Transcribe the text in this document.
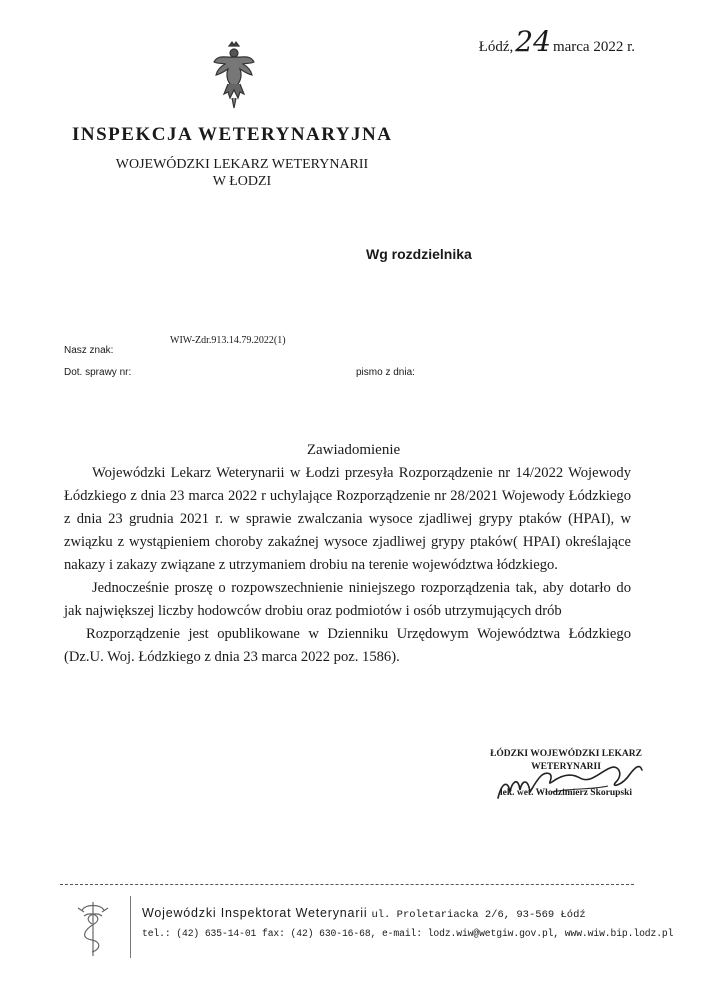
Łódź,24 marca 2022 r.
INSPEKCJA WETERYNARYJNA
WOJEWÓDZKI LEKARZ WETERYNARII
W ŁODZI
Wg rozdzielnika
Nasz znak:
WIW-Zdr.913.14.79.2022(1)
Dot. sprawy nr:	pismo z dnia:
Zawiadomienie

Wojewódzki Lekarz Weterynarii w Łodzi przesyła Rozporządzenie nr 14/2022 Wojewody Łódzkiego z dnia 23 marca 2022 r uchylające Rozporządzenie nr 28/2021 Wojewody Łódzkiego z dnia 23 grudnia 2021 r. w sprawie zwalczania wysoce zjadliwej grypy ptaków (HPAI), w związku z wystąpieniem choroby zakaźnej wysoce zjadliwej grypy ptaków( HPAI) określające nakazy i zakazy związane z utrzymaniem drobiu na terenie województwa łódzkiego.

Jednocześnie proszę o rozpowszechnienie niniejszego rozporządzenia tak, aby dotarło do jak największej liczby hodowców drobiu oraz podmiotów i osób utrzymujących drób

Rozporządzenie jest opublikowane w Dzienniku Urzędowym Województwa Łódzkiego (Dz.U. Woj. Łódzkiego z dnia 23 marca 2022 poz. 1586).

ŁÓDZKI WOJEWÓDZKI LEKARZ
WETERYNARII
lek. wet. Włodzimierz Skorupski
Wojewódzki Inspektorat Weterynarii ul. Proletariacka 2/6, 93-569 Łódź
tel.: (42) 635-14-01 fax: (42) 630-16-68, e-mail: lodz.wiw@wetgiw.gov.pl, www.wiw.bip.lodz.pl
